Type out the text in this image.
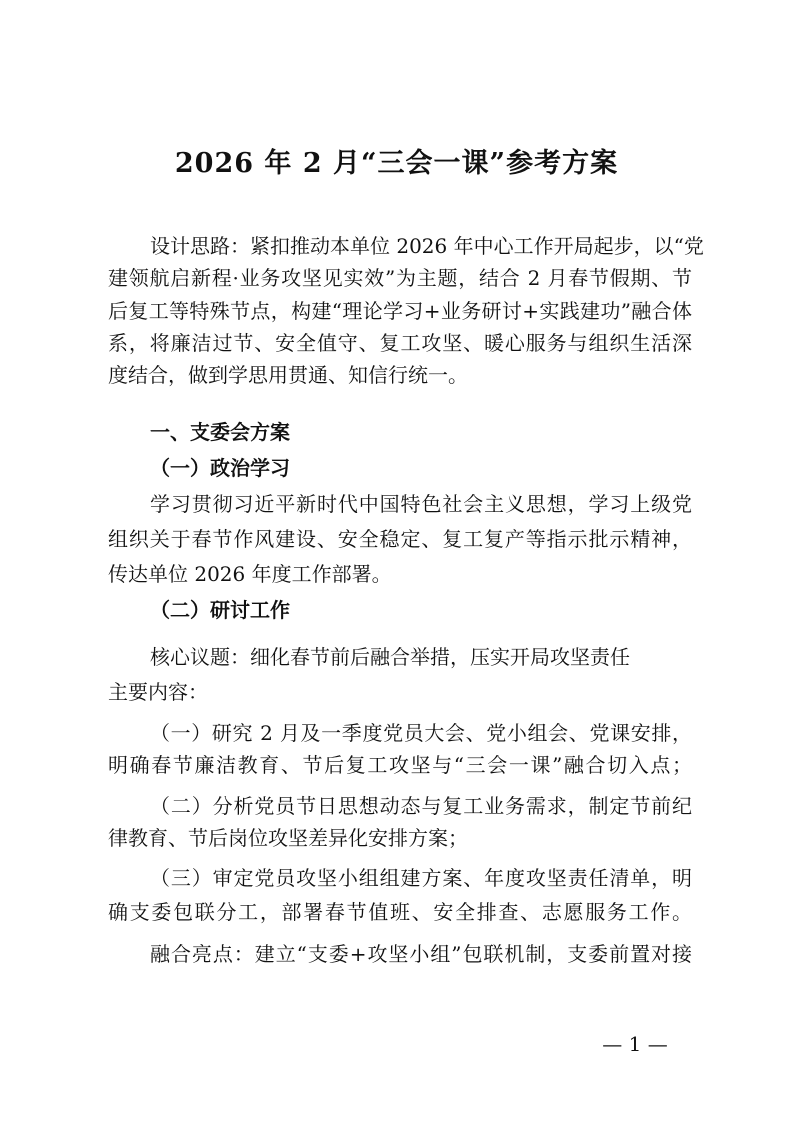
2026 年 2 月“三会一课”参考方案
设计思路：紧扣推动本单位 2026 年中心工作开局起步，以“党
建领航启新程·业务攻坚见实效”为主题，结合 2 月春节假期、节
后复工等特殊节点，构建“理论学习+业务研讨+实践建功”融合体
系，将廉洁过节、安全值守、复工攻坚、暖心服务与组织生活深
度结合，做到学思用贯通、知信行统一。
一、支委会方案
（一）政治学习
学习贯彻习近平新时代中国特色社会主义思想，学习上级党
组织关于春节作风建设、安全稳定、复工复产等指示批示精神，
传达单位 2026 年度工作部署。
（二）研讨工作
核心议题：细化春节前后融合举措，压实开局攻坚责任
主要内容：
（一）研究 2 月及一季度党员大会、党小组会、党课安排，
明确春节廉洁教育、节后复工攻坚与“三会一课”融合切入点；
（二）分析党员节日思想动态与复工业务需求，制定节前纪
律教育、节后岗位攻坚差异化安排方案；
（三）审定党员攻坚小组组建方案、年度攻坚责任清单，明
确支委包联分工，部署春节值班、安全排查、志愿服务工作。
融合亮点：建立“支委+攻坚小组”包联机制，支委前置对接
— 1 —
